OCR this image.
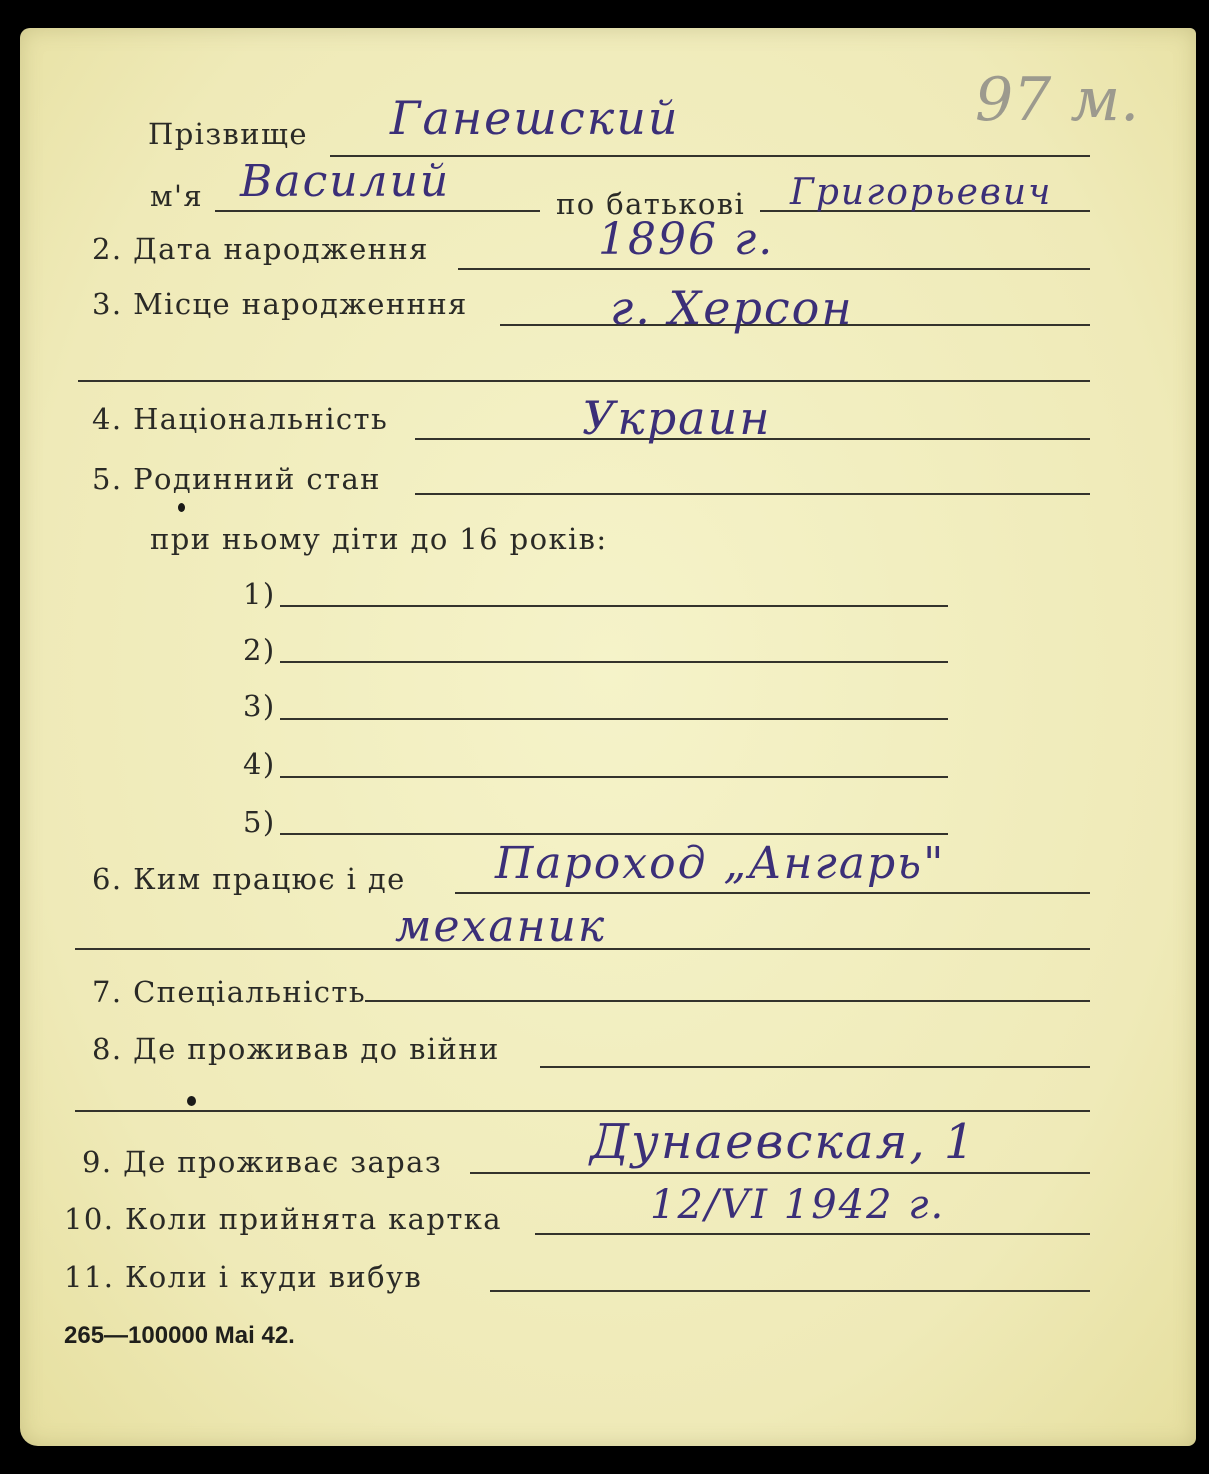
97 м.
Прізвище Ганешский
м'я Василий	по батькові Григорьевич
2. Дата народження	1896 г.
3. Місце народженння	г. Херсон
4. Національність	Украин
5. Родинний стан
при ньому діти до 16 років:
1)
2)
3)
4)
5)
6. Ким працює і де Пароход „Ангарь"
механик
7. Спеціальність
8. Де проживав до війни
9. Де проживає зараз	Дунаевская, 1
10. Коли прийнята картка	12/VI 1942 г.
11. Коли і куди вибув
265—100000 Mai 42.
